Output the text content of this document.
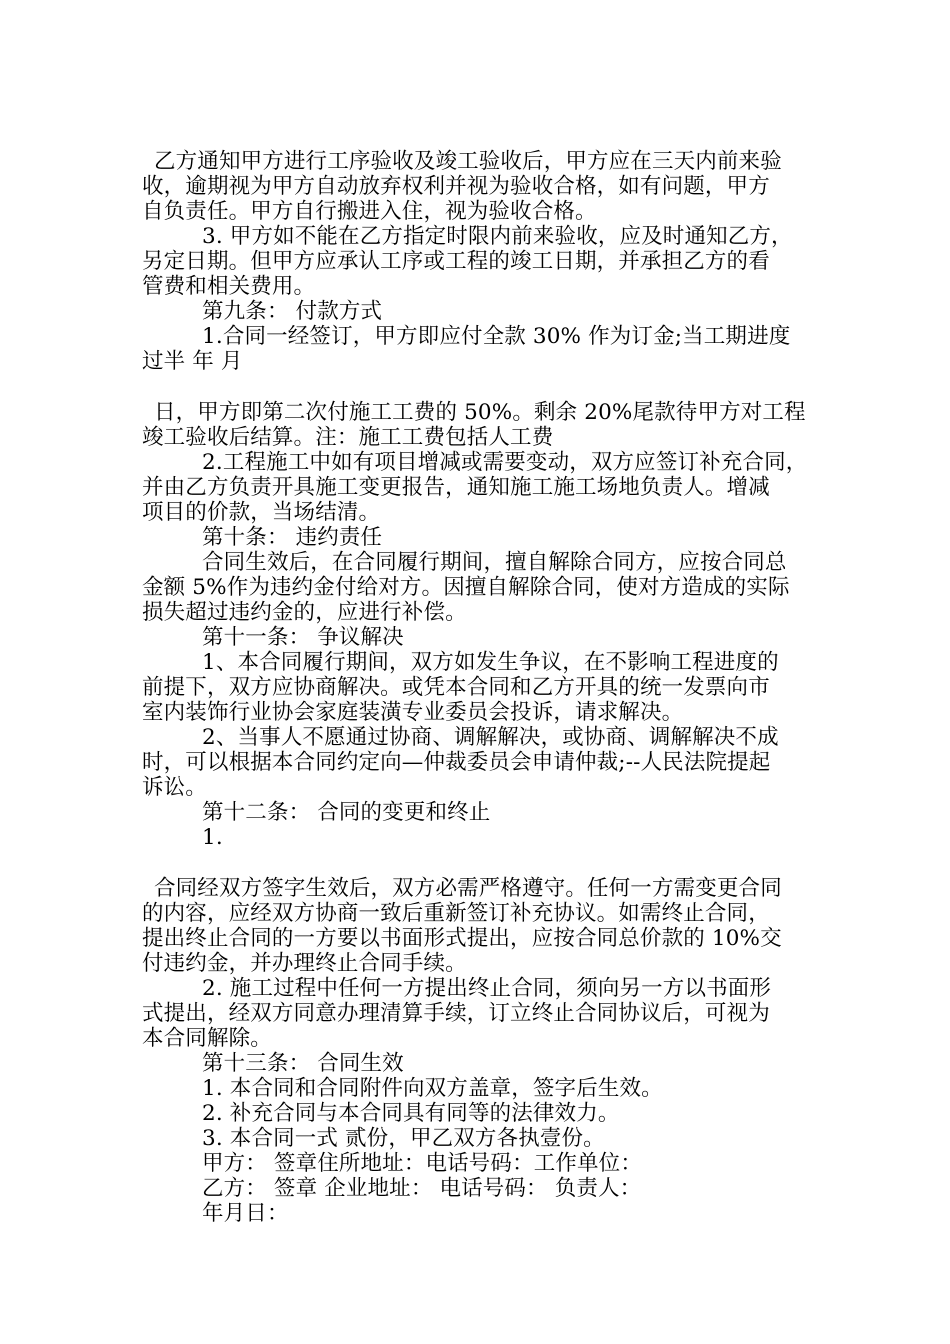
乙方通知甲方进行工序验收及竣工验收后，甲方应在三天内前来验
收，逾期视为甲方自动放弃权利并视为验收合格，如有问题，甲方
自负责任。甲方自行搬进入住，视为验收合格。
3. 甲方如不能在乙方指定时限内前来验收，应及时通知乙方，
另定日期。但甲方应承认工序或工程的竣工日期，并承担乙方的看
管费和相关费用。
第九条： 付款方式
1.合同一经签订，甲方即应付全款 30% 作为订金;当工期进度
过半 年 月
日，甲方即第二次付施工工费的 50%。剩余 20%尾款待甲方对工程
竣工验收后结算。注：施工工费包括人工费
2.工程施工中如有项目增减或需要变动，双方应签订补充合同，
并由乙方负责开具施工变更报告，通知施工施工场地负责人。增减
项目的价款，当场结清。
第十条： 违约责任
合同生效后，在合同履行期间，擅自解除合同方，应按合同总
金额 5%作为违约金付给对方。因擅自解除合同，使对方造成的实际
损失超过违约金的，应进行补偿。
第十一条： 争议解决
1、本合同履行期间，双方如发生争议，在不影响工程进度的
前提下，双方应协商解决。或凭本合同和乙方开具的统一发票向市
室内装饰行业协会家庭装潢专业委员会投诉，请求解决。
2、当事人不愿通过协商、调解解决，或协商、调解解决不成
时，可以根据本合同约定向—仲裁委员会申请仲裁;--人民法院提起
诉讼。
第十二条： 合同的变更和终止
1.
合同经双方签字生效后，双方必需严格遵守。任何一方需变更合同
的内容，应经双方协商一致后重新签订补充协议。如需终止合同，
提出终止合同的一方要以书面形式提出，应按合同总价款的 10%交
付违约金，并办理终止合同手续。
2. 施工过程中任何一方提出终止合同，须向另一方以书面形
式提出，经双方同意办理清算手续，订立终止合同协议后，可视为
本合同解除。
第十三条： 合同生效
1. 本合同和合同附件向双方盖章，签字后生效。
2. 补充合同与本合同具有同等的法律效力。
3. 本合同一式 贰份，甲乙双方各执壹份。
甲方： 签章住所地址：电话号码：工作单位：
乙方： 签章 企业地址： 电话号码： 负责人：
年月日：
